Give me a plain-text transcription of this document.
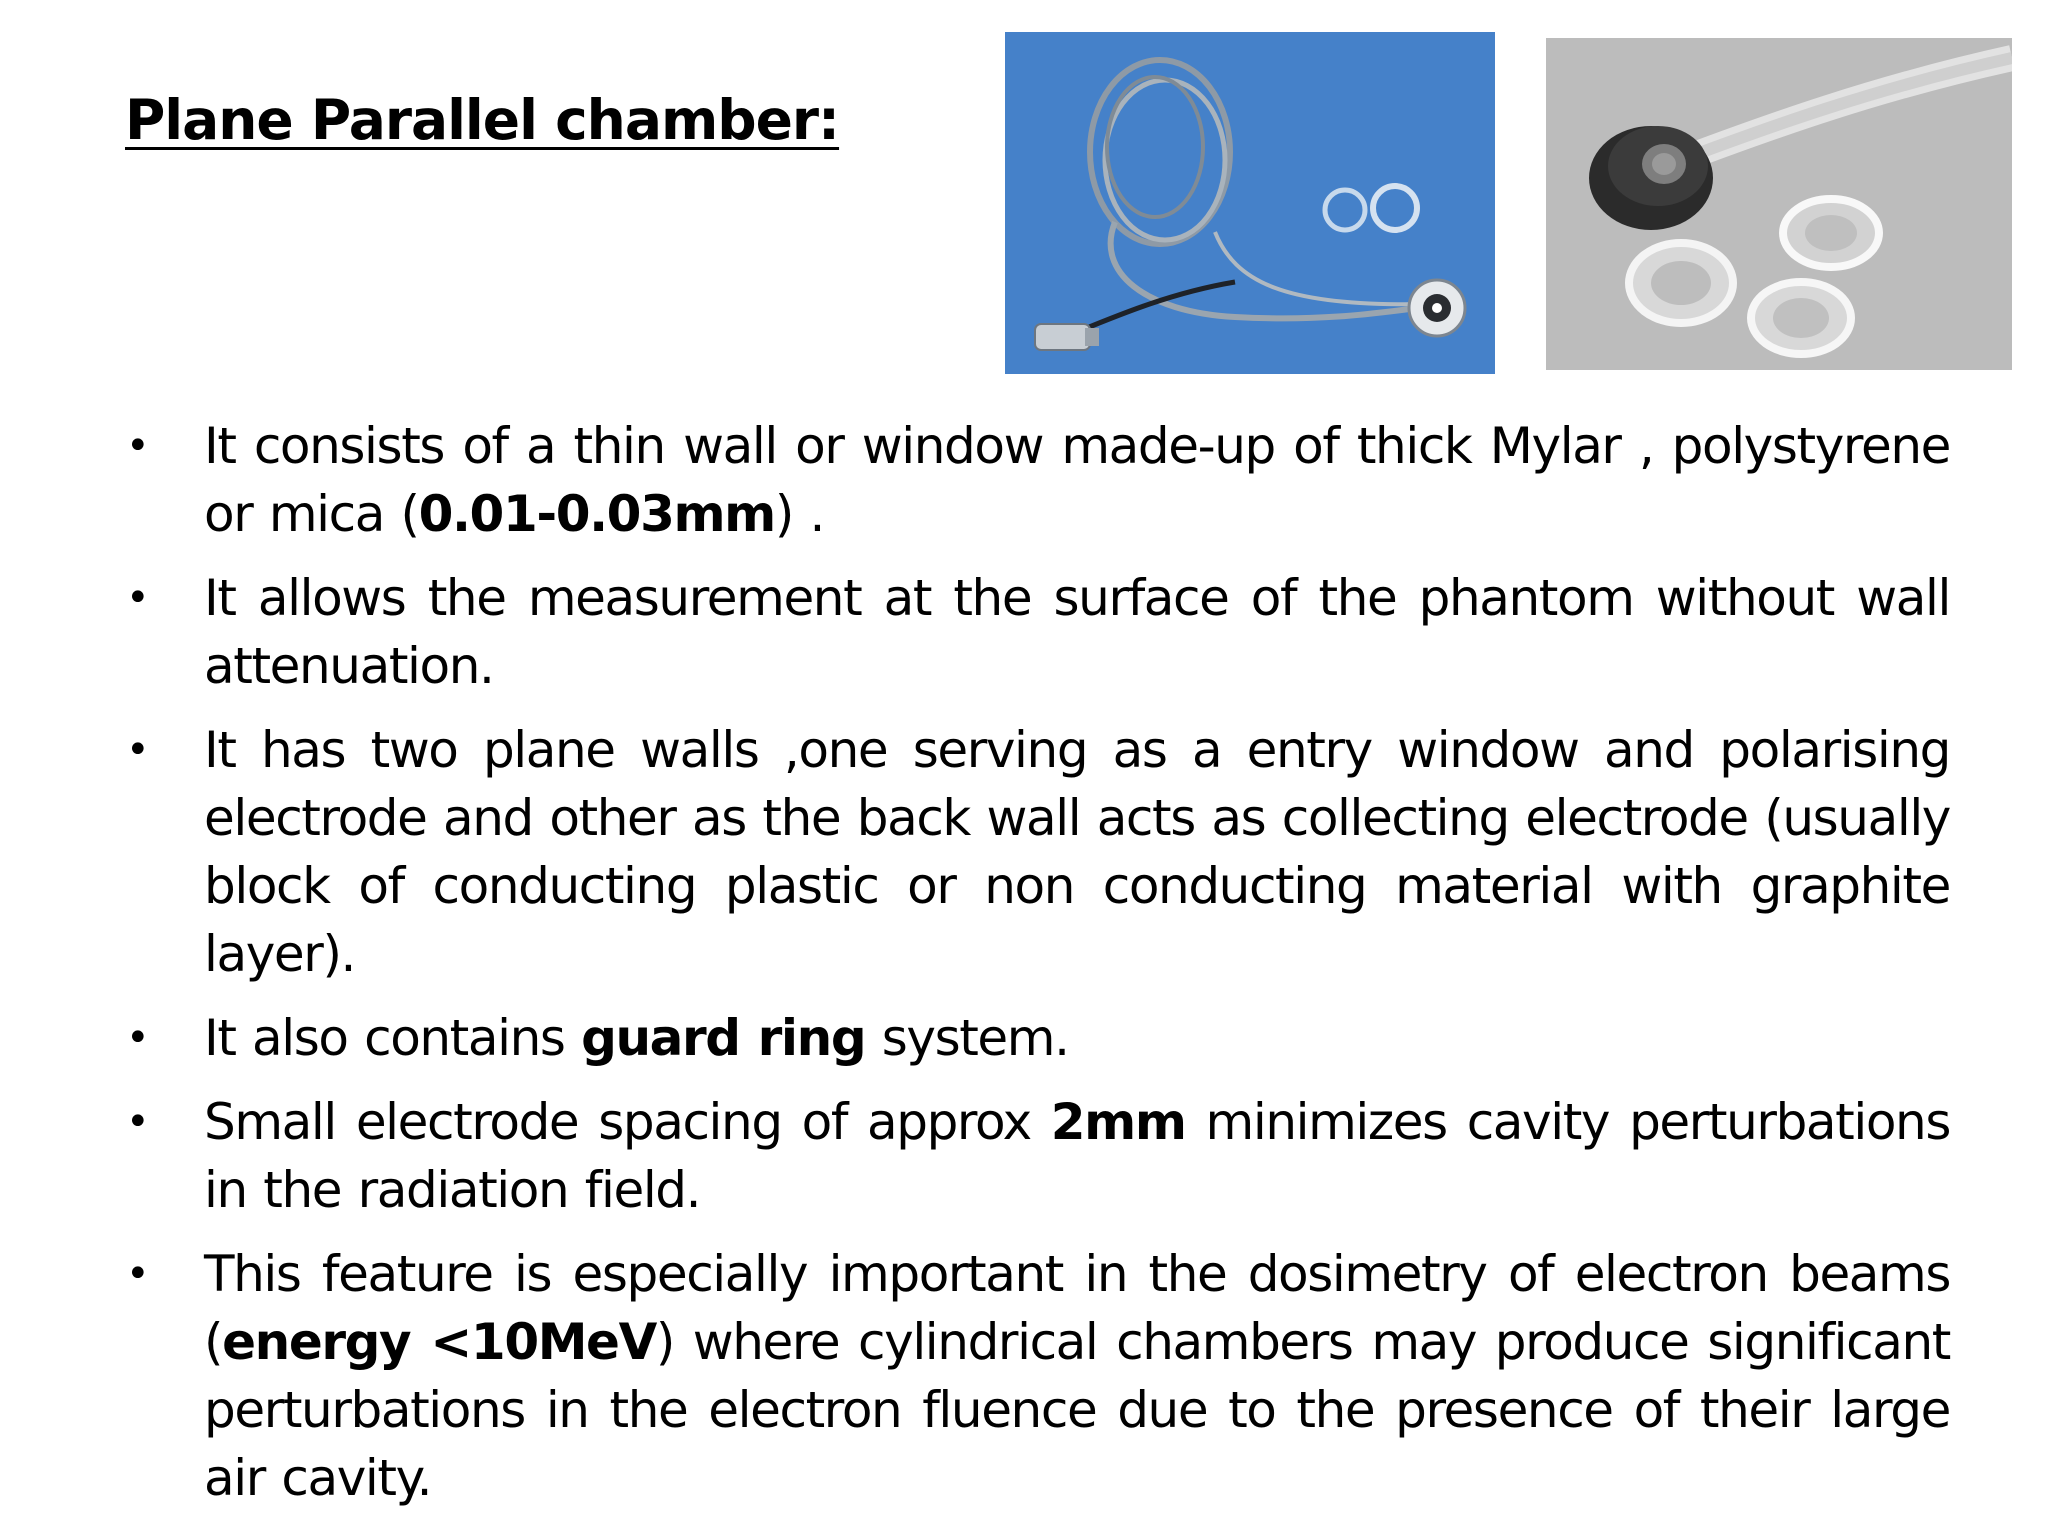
Plane Parallel chamber:
•	It consists of a thin wall or window made-up of thick Mylar , polystyrene or mica (0.01-0.03mm) .
•	It allows the measurement at the surface of the phantom without wall attenuation.
•	It has two plane walls ,one serving as a entry window and polarising electrode and other as the back wall acts as collecting electrode (usually block of conducting plastic or non conducting material with graphite layer).
•	It also contains guard ring system.
•	Small electrode spacing of approx 2mm minimizes cavity perturbations in the radiation field.
•	This feature is especially important in the dosimetry of electron beams (energy <10MeV) where cylindrical chambers may produce significant perturbations in the electron fluence due to the presence of their large air cavity.
